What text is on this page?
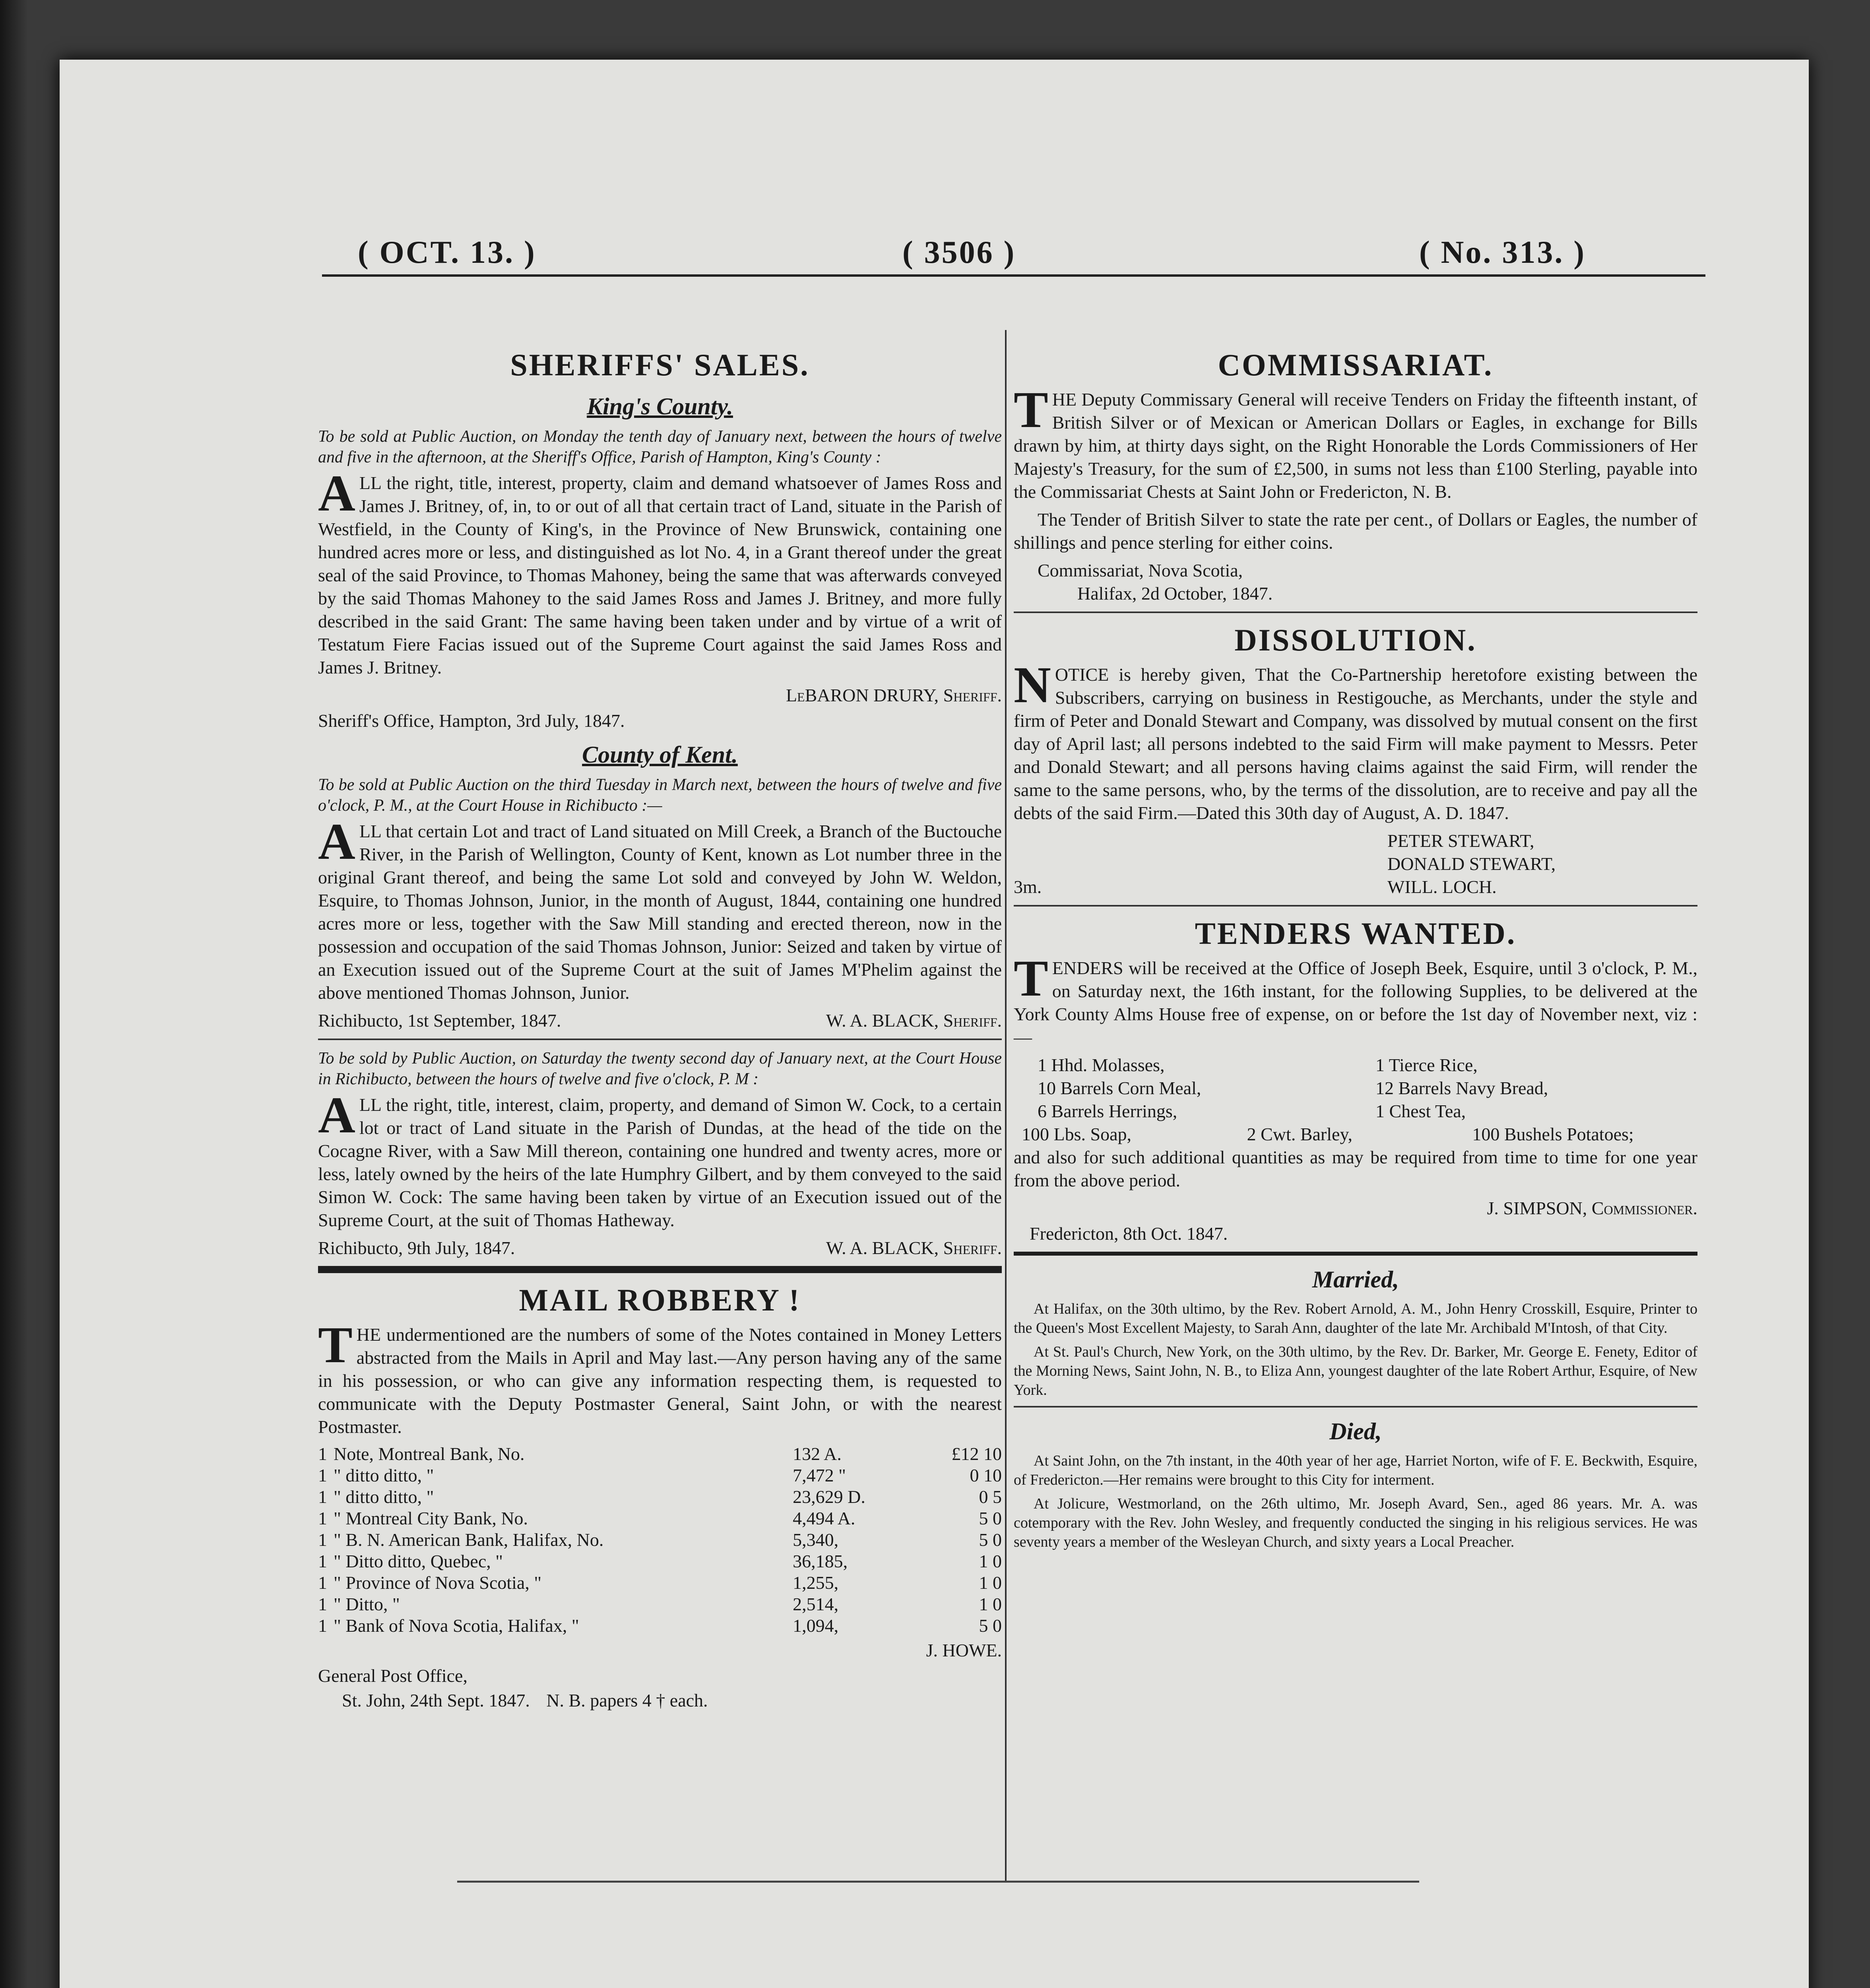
( OCT. 13. )	( 3506 )	( No. 313. )
SHERIFFS' SALES.
King's County.

To be sold at Public Auction, on Monday the tenth day of January next, between the hours of twelve and five in the afternoon, at the Sheriff's Office, Parish of Hampton, King's County :

ALL the right, title, interest, property, claim and demand whatsoever of James Ross and James J. Britney, of, in, to or out of all that certain tract of Land, situate in the Parish of Westfield, in the County of King's, in the Province of New Brunswick, containing one hundred acres more or less, and distinguished as lot No. 4, in a Grant thereof under the great seal of the said Province, to Thomas Mahoney, being the same that was afterwards conveyed by the said Thomas Mahoney to the said James Ross and James J. Britney, and more fully described in the said Grant: The same having been taken under and by virtue of a writ of Testatum Fiere Facias issued out of the Supreme Court against the said James Ross and James J. Britney.

LeBARON DRURY, Sheriff.
Sheriff's Office, Hampton, 3rd July, 1847.
County of Kent.

To be sold at Public Auction on the third Tuesday in March next, between the hours of twelve and five o'clock, P. M., at the Court House in Richibucto :—

ALL that certain Lot and tract of Land situated on Mill Creek, a Branch of the Buctouche River, in the Parish of Wellington, County of Kent, known as Lot number three in the original Grant thereof, and being the same Lot sold and conveyed by John W. Weldon, Esquire, to Thomas Johnson, Junior, in the month of August, 1844, containing one hundred acres more or less, together with the Saw Mill standing and erected thereon, now in the possession and occupation of the said Thomas Johnson, Junior: Seized and taken by virtue of an Execution issued out of the Supreme Court at the suit of James M'Phelim against the above mentioned Thomas Johnson, Junior.

Richibucto, 1st September, 1847.	W. A. BLACK, Sheriff.

To be sold by Public Auction, on Saturday the twenty second day of January next, at the Court House in Richibucto, between the hours of twelve and five o'clock, P. M :

ALL the right, title, interest, claim, property, and demand of Simon W. Cock, to a certain lot or tract of Land situate in the Parish of Dundas, at the head of the tide on the Cocagne River, with a Saw Mill thereon, containing one hundred and twenty acres, more or less, lately owned by the heirs of the late Humphry Gilbert, and by them conveyed to the said Simon W. Cock: The same having been taken by virtue of an Execution issued out of the Supreme Court, at the suit of Thomas Hatheway.

Richibucto, 9th July, 1847.	W. A. BLACK, Sheriff.
MAIL ROBBERY !

THE undermentioned are the numbers of some of the Notes contained in Money Letters abstracted from the Mails in April and May last.—Any person having any of the same in his possession, or who can give any information respecting them, is requested to communicate with the Deputy Postmaster General, Saint John, or with the nearest Postmaster.

1	Note, Montreal Bank, No.	132 A.	£12 10
1	" ditto ditto, "	7,472 "	0 10
1	" ditto ditto, "	23,629 D.	0 5
1	" Montreal City Bank, No.	4,494 A.	5 0
1	" B. N. American Bank, Halifax, No.	5,340,	5 0
1	" Ditto ditto, Quebec, "	36,185,	1 0
1	" Province of Nova Scotia, "	1,255,	1 0
1	" Ditto, "	2,514,	1 0
1	" Bank of Nova Scotia, Halifax, "	1,094,	5 0
J. HOWE.
General Post Office,
St. John, 24th Sept. 1847. N. B. papers 4 † each.
COMMISSARIAT.

THE Deputy Commissary General will receive Tenders on Friday the fifteenth instant, of British Silver or of Mexican or American Dollars or Eagles, in exchange for Bills drawn by him, at thirty days sight, on the Right Honorable the Lords Commissioners of Her Majesty's Treasury, for the sum of £2,500, in sums not less than £100 Sterling, payable into the Commissariat Chests at Saint John or Fredericton, N. B.

The Tender of British Silver to state the rate per cent., of Dollars or Eagles, the number of shillings and pence sterling for either coins.

Commissariat, Nova Scotia,
Halifax, 2d October, 1847.
DISSOLUTION.

NOTICE is hereby given, That the Co-Partnership heretofore existing between the Subscribers, carrying on business in Restigouche, as Merchants, under the style and firm of Peter and Donald Stewart and Company, was dissolved by mutual consent on the first day of April last; all persons indebted to the said Firm will make payment to Messrs. Peter and Donald Stewart; and all persons having claims against the said Firm, will render the same to the same persons, who, by the terms of the dissolution, are to receive and pay all the debts of the said Firm.—Dated this 30th day of August, A. D. 1847.

PETER STEWART,
DONALD STEWART,
WILL. LOCH.
3m.
TENDERS WANTED.

TENDERS will be received at the Office of Joseph Beek, Esquire, until 3 o'clock, P. M., on Saturday next, the 16th instant, for the following Supplies, to be delivered at the York County Alms House free of expense, on or before the 1st day of November next, viz :—

1 Hhd. Molasses,	1 Tierce Rice,
10 Barrels Corn Meal,	12 Barrels Navy Bread,
6 Barrels Herrings,	1 Chest Tea,
100 Lbs. Soap,	2 Cwt. Barley,	100 Bushels Potatoes;

and also for such additional quantities as may be required from time to time for one year from the above period.

J. SIMPSON, Commissioner.
Fredericton, 8th Oct. 1847.
Married,

At Halifax, on the 30th ultimo, by the Rev. Robert Arnold, A. M., John Henry Crosskill, Esquire, Printer to the Queen's Most Excellent Majesty, to Sarah Ann, daughter of the late Mr. Archibald M'Intosh, of that City.

At St. Paul's Church, New York, on the 30th ultimo, by the Rev. Dr. Barker, Mr. George E. Fenety, Editor of the Morning News, Saint John, N. B., to Eliza Ann, youngest daughter of the late Robert Arthur, Esquire, of New York.

Died,

At Saint John, on the 7th instant, in the 40th year of her age, Harriet Norton, wife of F. E. Beckwith, Esquire, of Fredericton.—Her remains were brought to this City for interment.

At Jolicure, Westmorland, on the 26th ultimo, Mr. Joseph Avard, Sen., aged 86 years. Mr. A. was cotemporary with the Rev. John Wesley, and frequently conducted the singing in his religious services. He was seventy years a member of the Wesleyan Church, and sixty years a Local Preacher.
